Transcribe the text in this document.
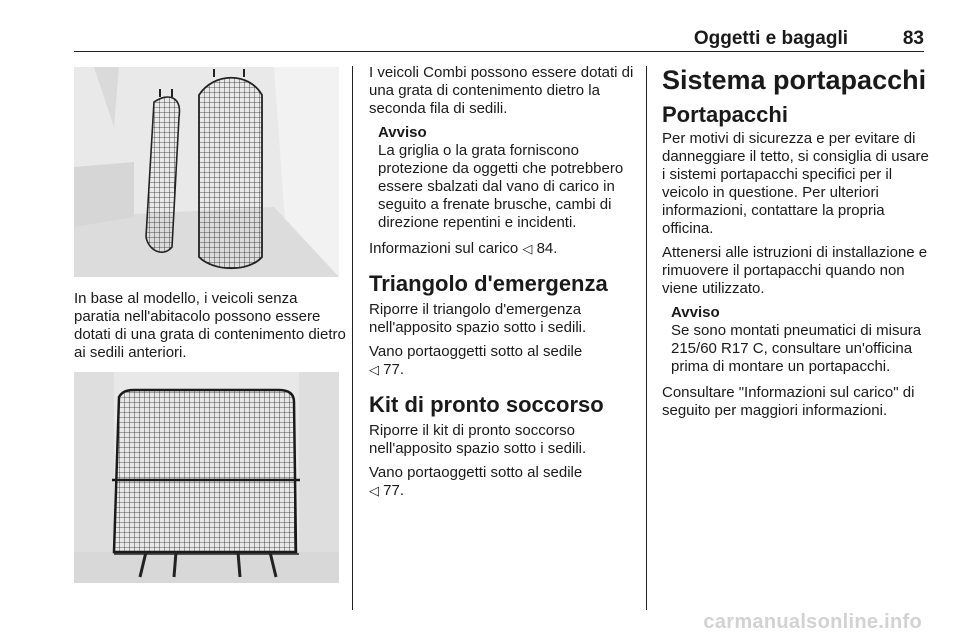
Oggetti e bagagli	83

In base al modello, i veicoli senza paratia nell'abitacolo possono essere dotati di una grata di contenimento dietro ai sedili anteriori.

I veicoli Combi possono essere dotati di una grata di contenimento dietro la seconda fila di sedili.

Avviso
La griglia o la grata forniscono protezione da oggetti che potrebbero essere sbalzati dal vano di carico in seguito a frenate brusche, cambi di direzione repentini e incidenti.

Informazioni sul carico ◁ 84.

Triangolo d'emergenza

Riporre il triangolo d'emergenza nell'apposito spazio sotto i sedili.

Vano portaoggetti sotto al sedile
◁ 77.

Kit di pronto soccorso

Riporre il kit di pronto soccorso nell'apposito spazio sotto i sedili.

Vano portaoggetti sotto al sedile
◁ 77.

Sistema portapacchi
Portapacchi

Per motivi di sicurezza e per evitare di danneggiare il tetto, si consiglia di usare i sistemi portapacchi specifici per il veicolo in questione. Per ulteriori informazioni, contattare la propria officina.

Attenersi alle istruzioni di installazione e rimuovere il portapacchi quando non viene utilizzato.

Avviso
Se sono montati pneumatici di misura 215/60 R17 C, consultare un'officina prima di montare un portapacchi.

Consultare "Informazioni sul carico" di seguito per maggiori informazioni.

carmanualsonline.info
